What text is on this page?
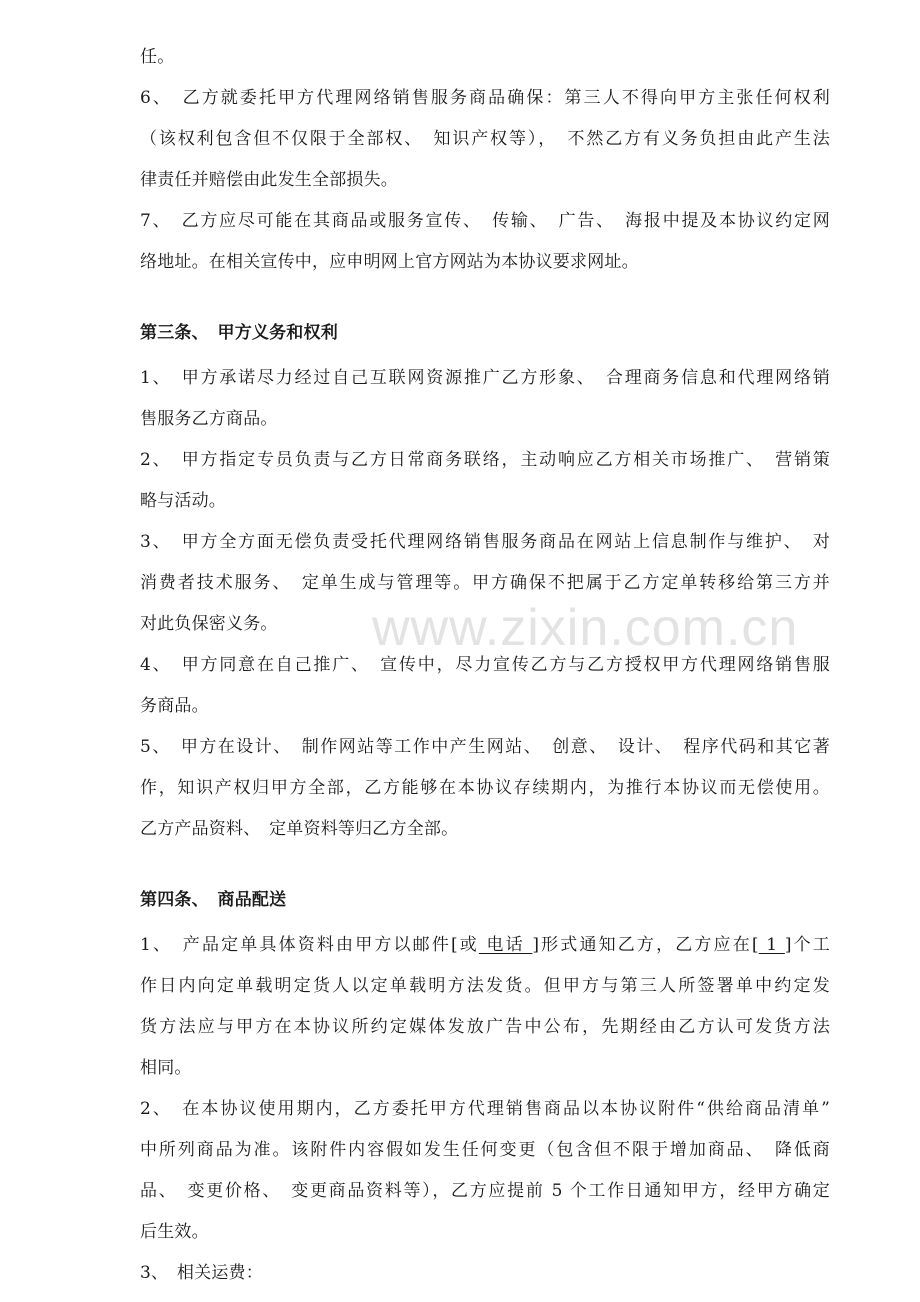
www.zixin.com.cn
任。
6、　乙方就委托甲方代理网络销售服务商品确保：第三人不得向甲方主张任何权利
（该权利包含但不仅限于全部权、　知识产权等），　不然乙方有义务负担由此产生法
律责任并赔偿由此发生全部损失。
7、　乙方应尽可能在其商品或服务宣传、　传输、　广告、　海报中提及本协议约定网
络地址。在相关宣传中，应申明网上官方网站为本协议要求网址。
第三条、　甲方义务和权利
1、　甲方承诺尽力经过自己互联网资源推广乙方形象、　合理商务信息和代理网络销
售服务乙方商品。
2、　甲方指定专员负责与乙方日常商务联络，主动响应乙方相关市场推广、　营销策
略与活动。
3、　甲方全方面无偿负责受托代理网络销售服务商品在网站上信息制作与维护、　对
消费者技术服务、　定单生成与管理等。甲方确保不把属于乙方定单转移给第三方并
对此负保密义务。
4、　甲方同意在自己推广、　宣传中，尽力宣传乙方与乙方授权甲方代理网络销售服
务商品。
5、　甲方在设计、　制作网站等工作中产生网站、　创意、　设计、　程序代码和其它著
作，知识产权归甲方全部，乙方能够在本协议存续期内，为推行本协议而无偿使用。
乙方产品资料、　定单资料等归乙方全部。
第四条、　商品配送
1、　产品定单具体资料由甲方以邮件[或 电话 ]形式通知乙方，乙方应在[ 1 ]个工
作日内向定单载明定货人以定单载明方法发货。但甲方与第三人所签署单中约定发
货方法应与甲方在本协议所约定媒体发放广告中公布，先期经由乙方认可发货方法
相同。
2、　在本协议使用期内，乙方委托甲方代理销售商品以本协议附件“供给商品清单”
中所列商品为准。该附件内容假如发生任何变更（包含但不限于增加商品、　降低商
品、　变更价格、　变更商品资料等），乙方应提前 5 个工作日通知甲方，经甲方确定
后生效。
3、　相关运费：
